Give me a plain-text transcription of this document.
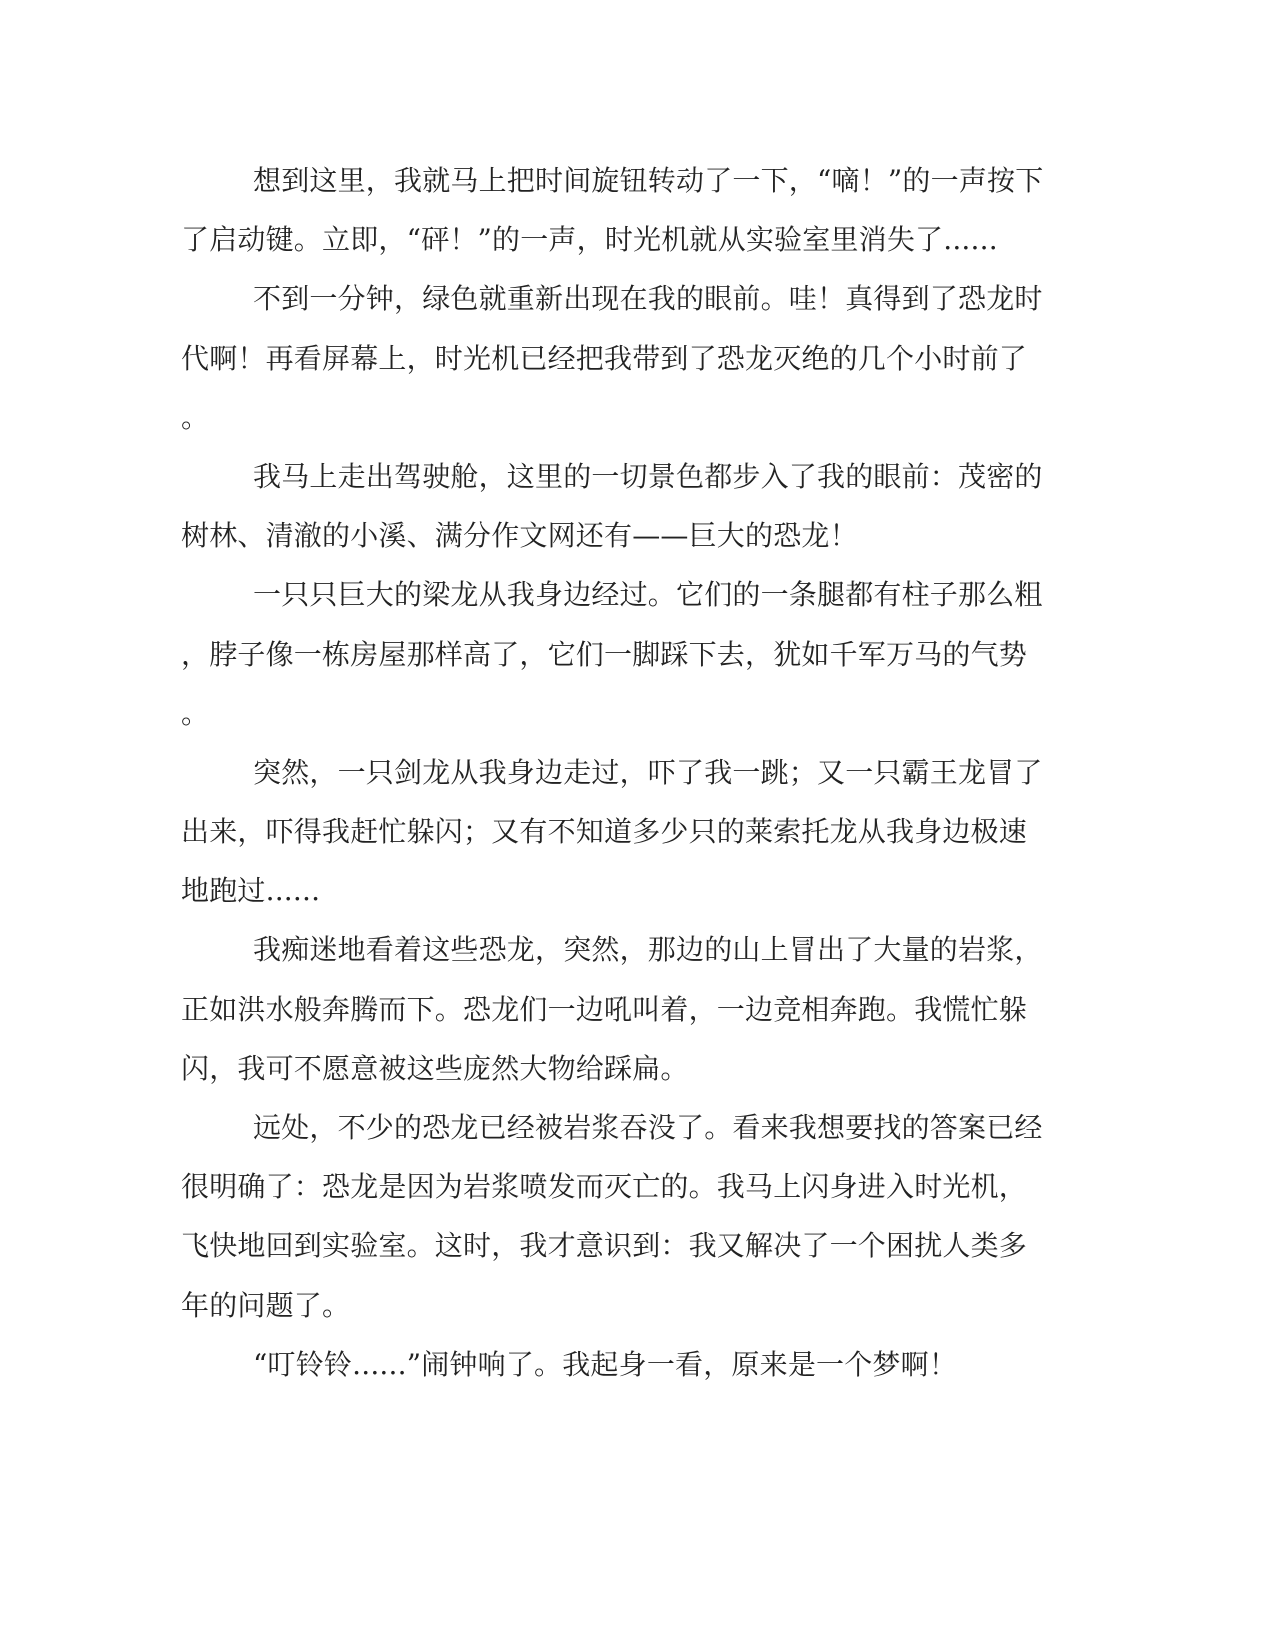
想到这里，我就马上把时间旋钮转动了一下，“嘀！”的一声按下
了启动键。立即，“砰！”的一声，时光机就从实验室里消失了......
不到一分钟，绿色就重新出现在我的眼前。哇！真得到了恐龙时
代啊！再看屏幕上，时光机已经把我带到了恐龙灭绝的几个小时前了
。
我马上走出驾驶舱，这里的一切景色都步入了我的眼前：茂密的
树林、清澈的小溪、满分作文网还有——巨大的恐龙！
一只只巨大的梁龙从我身边经过。它们的一条腿都有柱子那么粗
，脖子像一栋房屋那样高了，它们一脚踩下去，犹如千军万马的气势
。
突然，一只剑龙从我身边走过，吓了我一跳；又一只霸王龙冒了
出来，吓得我赶忙躲闪；又有不知道多少只的莱索托龙从我身边极速
地跑过......
我痴迷地看着这些恐龙，突然，那边的山上冒出了大量的岩浆，
正如洪水般奔腾而下。恐龙们一边吼叫着，一边竞相奔跑。我慌忙躲
闪，我可不愿意被这些庞然大物给踩扁。
远处，不少的恐龙已经被岩浆吞没了。看来我想要找的答案已经
很明确了：恐龙是因为岩浆喷发而灭亡的。我马上闪身进入时光机，
飞快地回到实验室。这时，我才意识到：我又解决了一个困扰人类多
年的问题了。
“叮铃铃......”闹钟响了。我起身一看，原来是一个梦啊！
